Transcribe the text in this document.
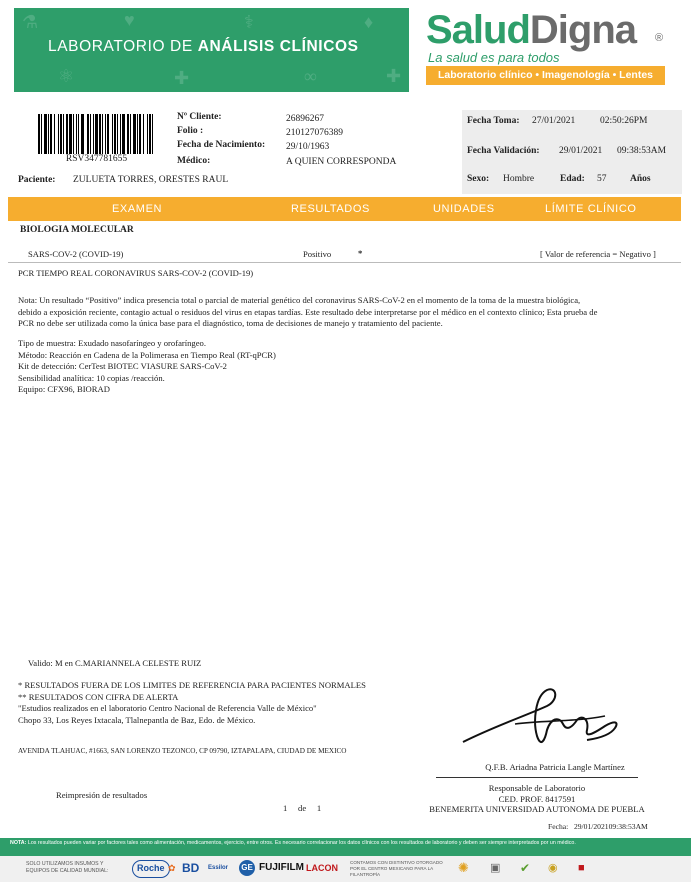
⚗
⚛
♥
✚
⚕
∞
♦
✚
LABORATORIO DE ANÁLISIS CLÍNICOS SaludDigna ®
La salud es para todos
Laboratorio clínico • Imagenología • Lentes
RSV347781655
Nº Cliente:	26896267
Folio :	210127076389
Fecha de Nacimiento: 29/10/1963
Médico:	A QUIEN CORRESPONDA
Paciente: ZULUETA TORRES, ORESTES RAUL
Fecha Toma: 27/01/2021	02:50:26PM
Fecha Validación: 29/01/2021 09:38:53AM
Sexo: Hombre	Edad: 57 Años
EXAMEN	RESULTADOS	UNIDADES	LÍMITE CLÍNICO
BIOLOGIA MOLECULAR
SARS-COV-2 (COVID-19)	Positivo	*	[ Valor de referencia = Negativo ]
PCR TIEMPO REAL CORONAVIRUS SARS-COV-2 (COVID-19)
Nota: Un resultado “Positivo” indica presencia total o parcial de material genético del coronavirus SARS-CoV-2 en el momento de la toma de la muestra biológica,
debido a exposición reciente, contagio actual o residuos del virus en etapas tardías. Este resultado debe interpretarse por el médico en el contexto clínico; Esta prueba de
PCR no debe ser utilizada como la única base para el diagnóstico, toma de decisiones de manejo y tratamiento del paciente.
Tipo de muestra: Exudado nasofaríngeo y orofaríngeo.
Método: Reacción en Cadena de la Polimerasa en Tiempo Real (RT-qPCR)
Kit de detección: CerTest BIOTEC VIASURE SARS-CoV-2
Sensibilidad analítica: 10 copias /reacción.
Equipo: CFX96, BIORAD
Valido: M en C.MARIANNELA CELESTE RUIZ
* RESULTADOS FUERA DE LOS LIMITES DE REFERENCIA PARA PACIENTES NORMALES
** RESULTADOS CON CIFRA DE ALERTA
"Estudios realizados en el laboratorio Centro Nacional de Referencia Valle de México"
Chopo 33, Los Reyes Ixtacala, Tlalnepantla de Baz, Edo. de México.
AVENIDA TLAHUAC, #1663, SAN LORENZO TEZONCO, CP 09790, IZTAPALAPA, CIUDAD DE MEXICO
Q.F.B. Ariadna Patricia Langle Martínez
Responsable de Laboratorio
CED. PROF. 8417591
BENEMERITA UNIVERSIDAD AUTONOMA DE PUEBLA
Reimpresión de resultados
1 de 1
Fecha: 29/01/202109:38:53AM
NOTA: Los resultados pueden variar por factores tales como alimentación, medicamentos, ejercicio, entre otros. Es necesario correlacionar los datos clínicos con los resultados de laboratorio y deben ser siempre interpretados por un médico.
SOLO UTILIZAMOS INSUMOS Y EQUIPOS DE CALIDAD MUNDIAL:	Roche ✿ BD Essilor GE FUJIFILM LACON
CONTAMOS CON DISTINTIVO OTORGADO POR EL CENTRO MEXICANO PARA LA FILANTROPÍA	✺ ▣ ✔ ◉ ■
